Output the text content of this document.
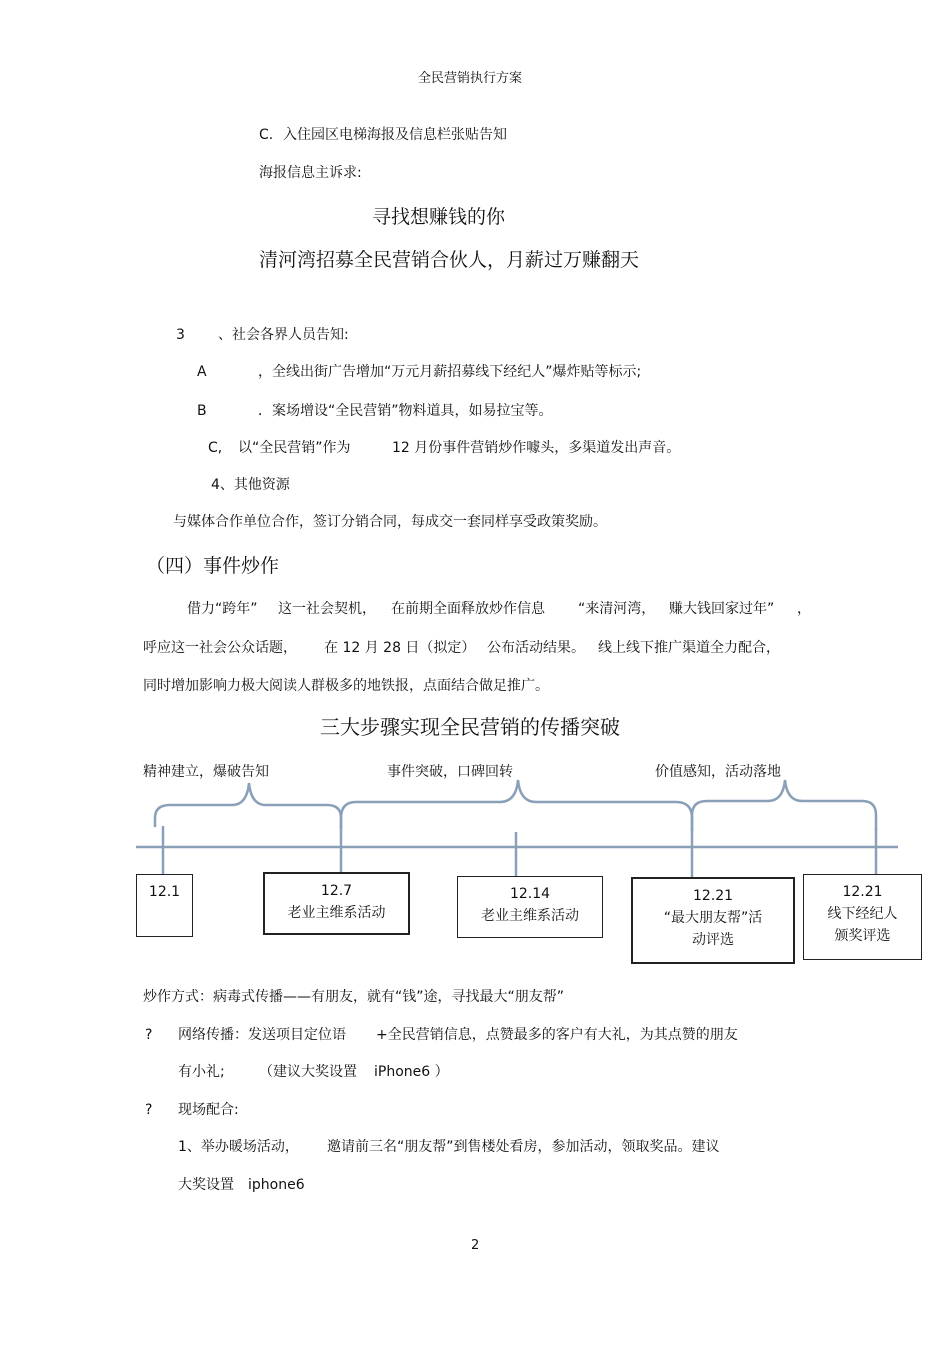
全民营销执行方案
C. 入住园区电梯海报及信息栏张贴告知
海报信息主诉求:
寻找想赚钱的你
清河湾招募全民营销合伙人，月薪过万赚翻天
3 、社会各界人员告知:
A	，全线出街广告增加“万元月薪招募线下经纪人”爆炸贴等标示;
B	．案场增设“全民营销”物料道具，如易拉宝等。
C, 以“全民营销”作为	12 月份事件营销炒作噱头，多渠道发出声音。
4、其他资源
与媒体合作单位合作，签订分销合同，每成交一套同样享受政策奖励。
（四）事件炒作
借力“跨年” 这一社会契机， 在前期全面释放炒作信息 “来清河湾， 赚大钱回家过年” ，
呼应这一社会公众话题， 在 12 月 28 日（拟定） 公布活动结果。 线上线下推广渠道全力配合，
同时增加影响力极大阅读人群极多的地铁报，点面结合做足推广。
三大步骤实现全民营销的传播突破
精神建立，爆破告知	事件突破，口碑回转	价值感知，活动落地
12.1	12.7
老业主维系活动
12.14
老业主维系活动
12.21
“最大朋友帮”活
动评选
12.21
线下经纪人
颁奖评选
炒作方式：病毒式传播——有朋友，就有“钱”途，寻找最大“朋友帮”
? 网络传播：发送项目定位语 +全民营销信息，点赞最多的客户有大礼，为其点赞的朋友
有小礼; （建议大奖设置 iPhone6 ）
? 现场配合:
1、举办暖场活动， 邀请前三名“朋友帮”到售楼处看房，参加活动，领取奖品。建议
大奖设置 iphone6
2
